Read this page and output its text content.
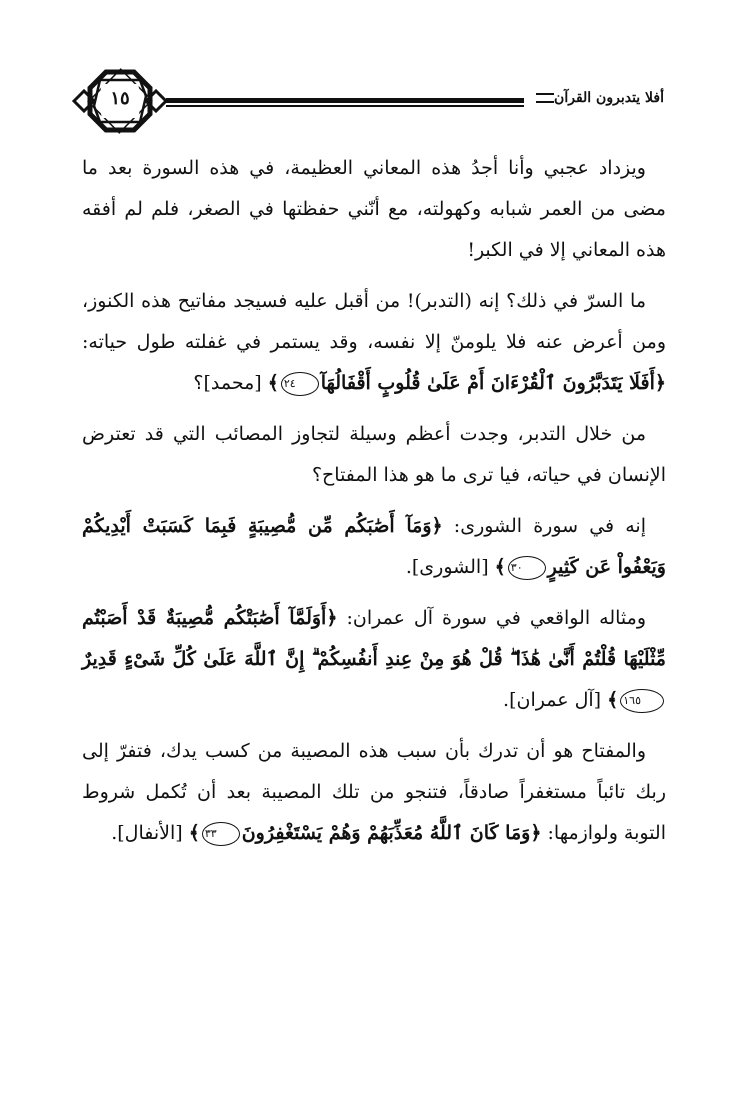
١٥	أفلا يتدبرون القرآن

ويزداد عجبي وأنا أجدُ هذه المعاني العظيمة، في هذه السورة بعد ما مضى من العمر شبابه وكهولته، مع أنّني حفظتها في الصغر، فلم لم أفقه هذه المعاني إلا في الكبر!

ما السرّ في ذلك؟ إنه (التدبر)! من أقبل عليه فسيجد مفاتيح هذه الكنوز، ومن أعرض عنه فلا يلومنّ إلا نفسه، وقد يستمر في غفلته طول حياته: ﴿أَفَلَا يَتَدَبَّرُونَ ٱلْقُرْءَانَ أَمْ عَلَىٰ قُلُوبٍ أَقْفَالُهَآ٢٤﴾ [محمد]؟

من خلال التدبر، وجدت أعظم وسيلة لتجاوز المصائب التي قد تعترض الإنسان في حياته، فيا ترى ما هو هذا المفتاح؟

إنه في سورة الشورى: ﴿وَمَآ أَصَٰبَكُم مِّن مُّصِيبَةٍ فَبِمَا كَسَبَتْ أَيْدِيكُمْ وَيَعْفُواْ عَن كَثِيرٍ٣٠﴾ [الشورى].

ومثاله الواقعي في سورة آل عمران: ﴿أَوَلَمَّآ أَصَٰبَتْكُم مُّصِيبَةٌ قَدْ أَصَبْتُم مِّثْلَيْهَا قُلْتُمْ أَنَّىٰ هَٰذَا ۖ قُلْ هُوَ مِنْ عِندِ أَنفُسِكُمْ ۗ إِنَّ ٱللَّهَ عَلَىٰ كُلِّ شَىْءٍ قَدِيرٌ١٦٥﴾ [آل عمران].

والمفتاح هو أن تدرك بأن سبب هذه المصيبة من كسب يدك، فتفرّ إلى ربك تائباً مستغفراً صادقاً، فتنجو من تلك المصيبة بعد أن تُكمل شروط التوبة ولوازمها: ﴿وَمَا كَانَ ٱللَّهُ مُعَذِّبَهُمْ وَهُمْ يَسْتَغْفِرُونَ٣٣﴾ [الأنفال].
